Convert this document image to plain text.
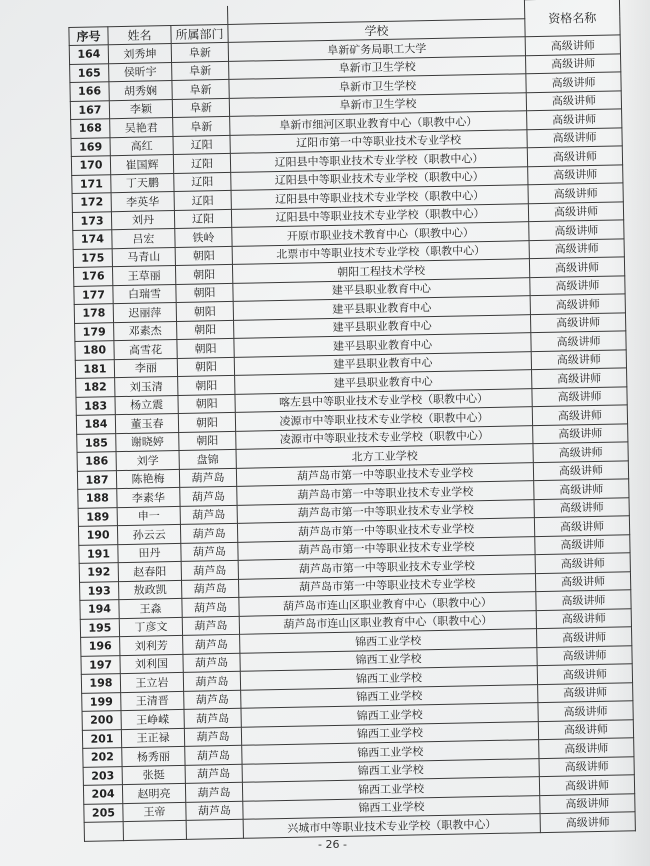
				资格名称
序号	姓名	所属部门	学校	
164	刘秀坤	阜新	阜新矿务局职工大学	高级讲师
165	侯昕宇	阜新	阜新市卫生学校	高级讲师
166	胡秀娴	阜新	阜新市卫生学校	高级讲师
167	李颖	阜新	阜新市卫生学校	高级讲师
168	吴艳君	阜新	阜新市细河区职业教育中心（职教中心）	高级讲师
169	高红	辽阳	辽阳市第一中等职业技术专业学校	高级讲师
170	崔国辉	辽阳	辽阳县中等职业技术专业学校（职教中心）	高级讲师
171	丁天鹏	辽阳	辽阳县中等职业技术专业学校（职教中心）	高级讲师
172	李英华	辽阳	辽阳县中等职业技术专业学校（职教中心）	高级讲师
173	刘丹	辽阳	辽阳县中等职业技术专业学校（职教中心）	高级讲师
174	吕宏	铁岭	开原市职业技术教育中心（职教中心）	高级讲师
175	马青山	朝阳	北票市中等职业技术专业学校（职教中心）	高级讲师
176	王草丽	朝阳	朝阳工程技术学校	高级讲师
177	白瑞雪	朝阳	建平县职业教育中心	高级讲师
178	迟丽萍	朝阳	建平县职业教育中心	高级讲师
179	邓素杰	朝阳	建平县职业教育中心	高级讲师
180	高雪花	朝阳	建平县职业教育中心	高级讲师
181	李丽	朝阳	建平县职业教育中心	高级讲师
182	刘玉清	朝阳	建平县职业教育中心	高级讲师
183	杨立震	朝阳	喀左县中等职业技术专业学校（职教中心）	高级讲师
184	董玉春	朝阳	凌源市中等职业技术专业学校（职教中心）	高级讲师
185	谢晓婷	朝阳	凌源市中等职业技术专业学校（职教中心）	高级讲师
186	刘学	盘锦	北方工业学校	高级讲师
187	陈艳梅	葫芦岛	葫芦岛市第一中等职业技术专业学校	高级讲师
188	李素华	葫芦岛	葫芦岛市第一中等职业技术专业学校	高级讲师
189	申一	葫芦岛	葫芦岛市第一中等职业技术专业学校	高级讲师
190	孙云云	葫芦岛	葫芦岛市第一中等职业技术专业学校	高级讲师
191	田丹	葫芦岛	葫芦岛市第一中等职业技术专业学校	高级讲师
192	赵春阳	葫芦岛	葫芦岛市第一中等职业技术专业学校	高级讲师
193	敖政凯	葫芦岛	葫芦岛市第一中等职业技术专业学校	高级讲师
194	王淼	葫芦岛	葫芦岛市连山区职业教育中心（职教中心）	高级讲师
195	丁彦文	葫芦岛	葫芦岛市连山区职业教育中心（职教中心）	高级讲师
196	刘利芳	葫芦岛	锦西工业学校	高级讲师
197	刘利国	葫芦岛	锦西工业学校	高级讲师
198	王立岩	葫芦岛	锦西工业学校	高级讲师
199	王清晋	葫芦岛	锦西工业学校	高级讲师
200	王峥嵘	葫芦岛	锦西工业学校	高级讲师
201	王正禄	葫芦岛	锦西工业学校	高级讲师
202	杨秀丽	葫芦岛	锦西工业学校	高级讲师
203	张挺	葫芦岛	锦西工业学校	高级讲师
204	赵明亮	葫芦岛	锦西工业学校	高级讲师
205	王帝	葫芦岛	锦西工业学校	高级讲师
			兴城市中等职业技术专业学校（职教中心）	高级讲师
- 26 -
